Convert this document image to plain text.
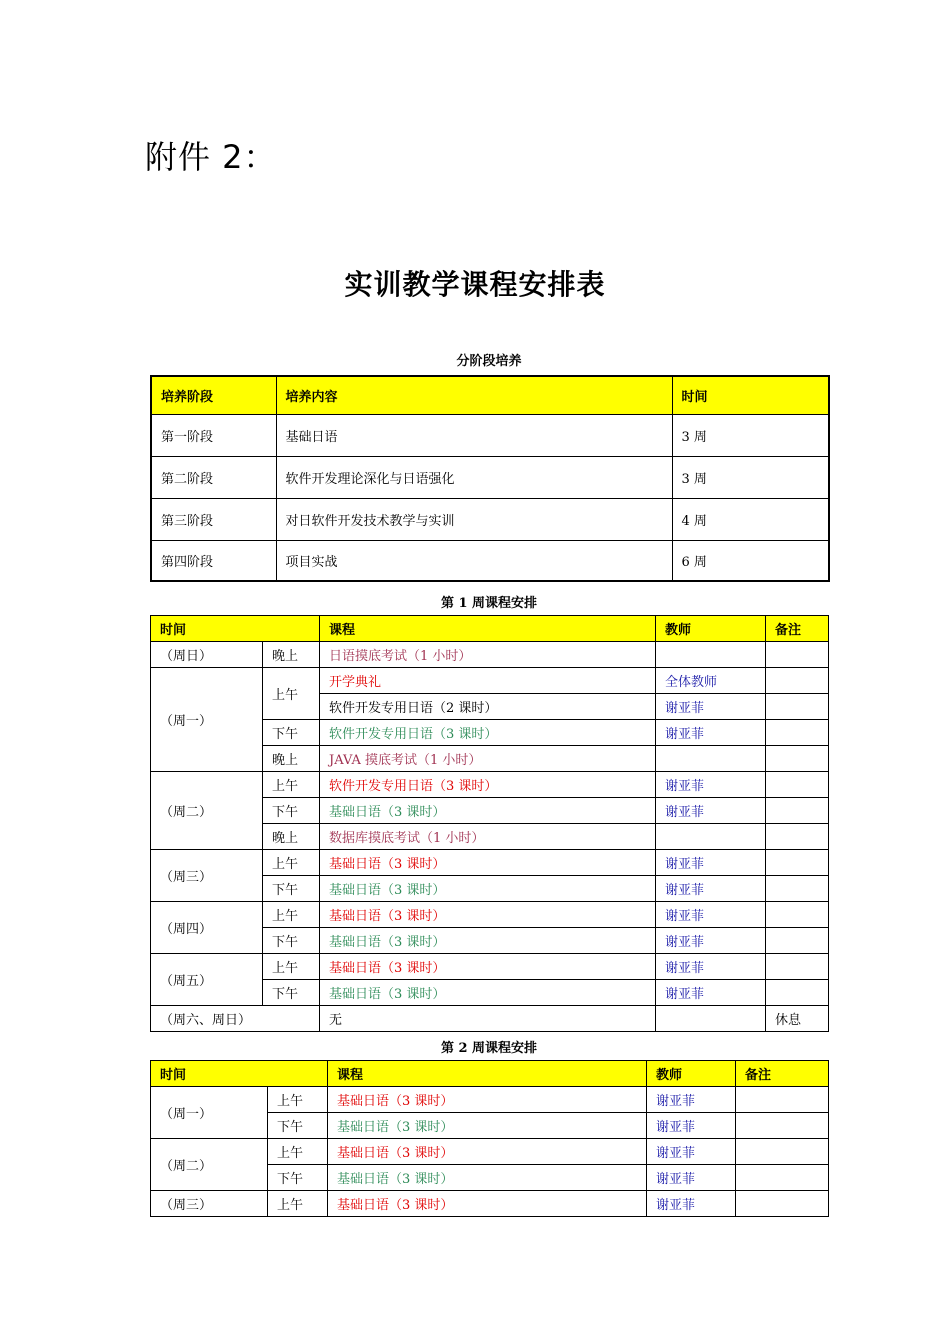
附件 2：
实训教学课程安排表
分阶段培养
培养阶段	培养内容	时间
第一阶段	基础日语	3 周
第二阶段	软件开发理论深化与日语强化	3 周
第三阶段	对日软件开发技术教学与实训	4 周
第四阶段	项目实战	6 周
第 1 周课程安排
时间		课程	教师	备注
（周日）	晚上	日语摸底考试（1 小时）		
（周一）	上午	开学典礼	全体教师	
		软件开发专用日语（2 课时）	谢亚菲	
	下午	软件开发专用日语（3 课时）	谢亚菲	
	晚上	JAVA 摸底考试（1 小时）		
（周二）	上午	软件开发专用日语（3 课时）	谢亚菲	
	下午	基础日语（3 课时）	谢亚菲	
	晚上	数据库摸底考试（1 小时）		
（周三）	上午	基础日语（3 课时）	谢亚菲	
	下午	基础日语（3 课时）	谢亚菲	
（周四）	上午	基础日语（3 课时）	谢亚菲	
	下午	基础日语（3 课时）	谢亚菲	
（周五）	上午	基础日语（3 课时）	谢亚菲	
	下午	基础日语（3 课时）	谢亚菲	
（周六、周日）		无		休息
第 2 周课程安排
时间		课程	教师	备注
（周一）	上午	基础日语（3 课时）	谢亚菲	
	下午	基础日语（3 课时）	谢亚菲	
（周二）	上午	基础日语（3 课时）	谢亚菲	
	下午	基础日语（3 课时）	谢亚菲	
（周三）	上午	基础日语（3 课时）	谢亚菲	
